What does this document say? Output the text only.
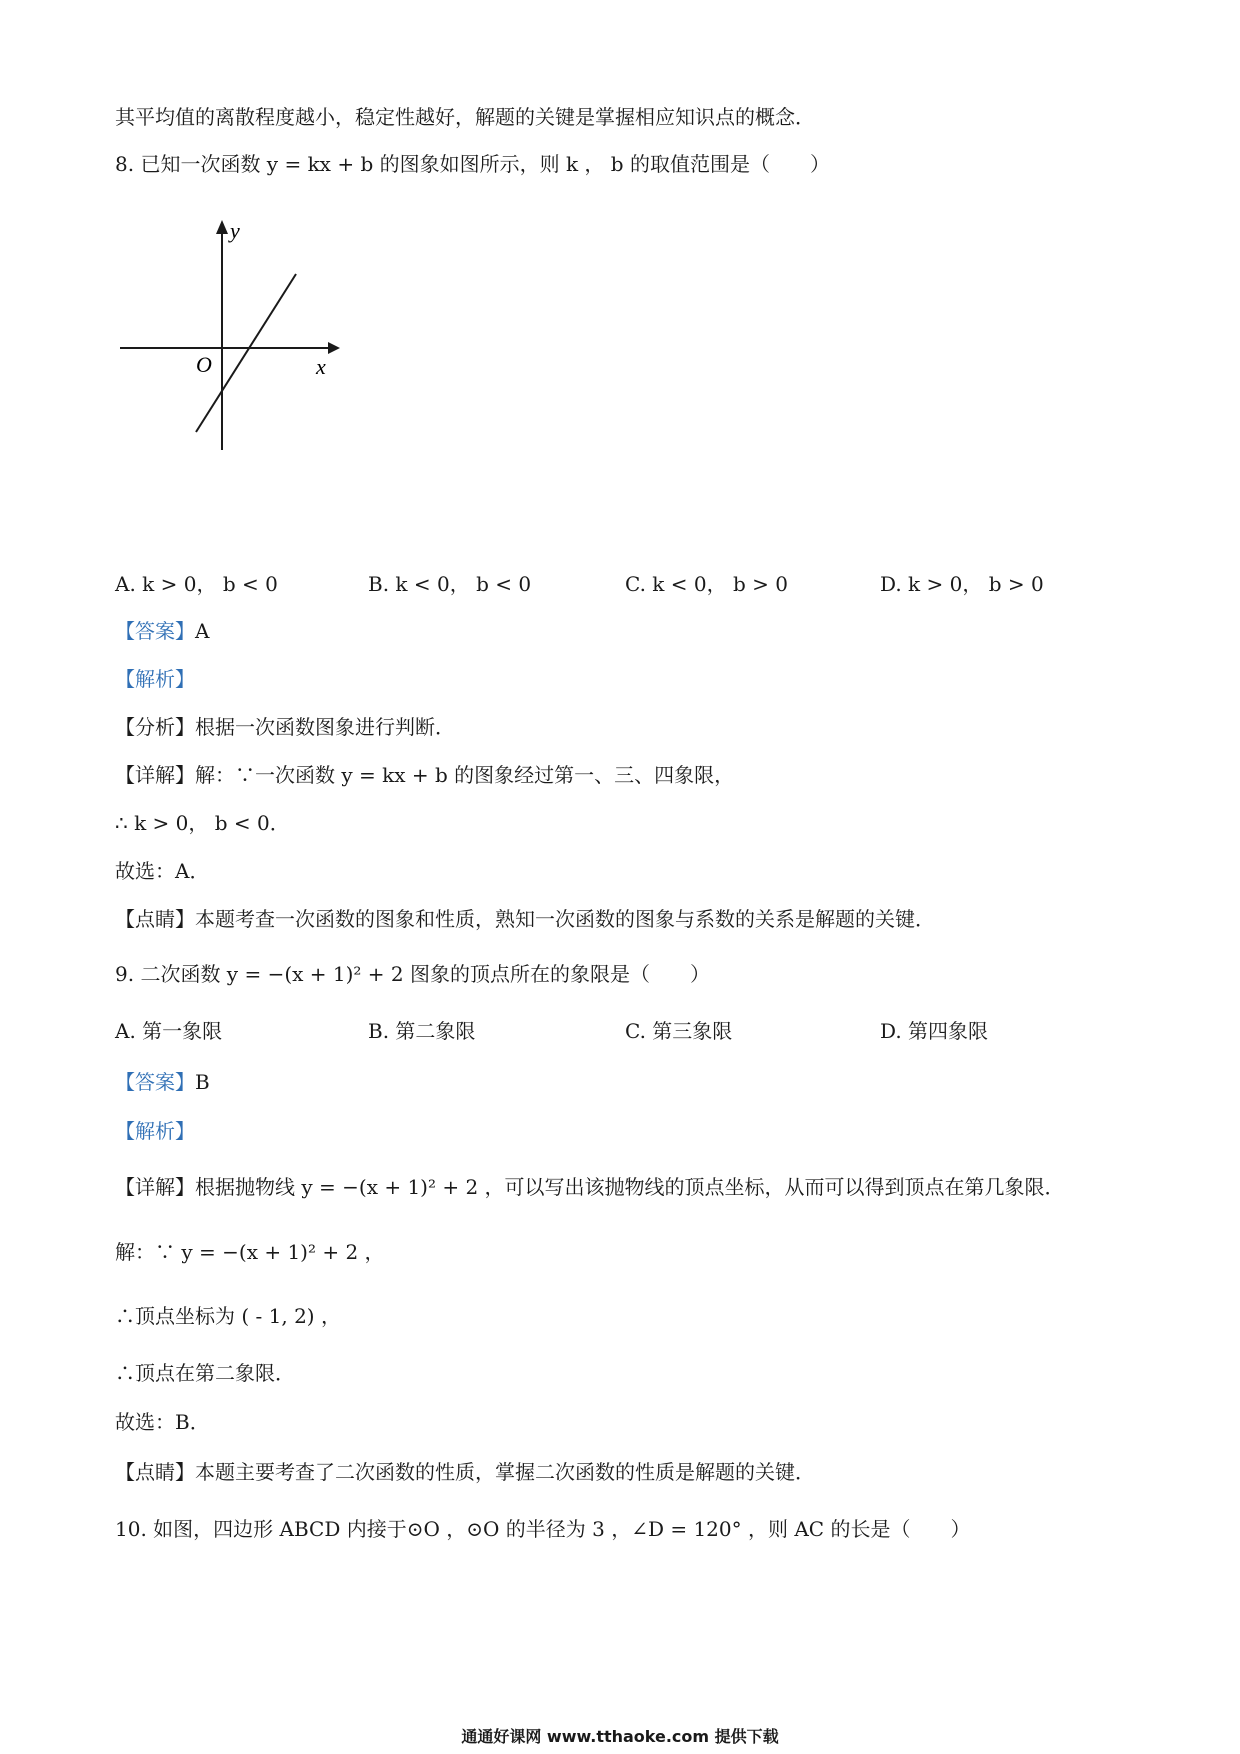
其平均值的离散程度越小，稳定性越好，解题的关键是掌握相应知识点的概念．
8. 已知一次函数 y = kx + b 的图象如图所示，则 k ， b 的取值范围是（　　）
y
x
O
A. k > 0， b < 0	B. k < 0， b < 0	C. k < 0， b > 0	D. k > 0， b > 0
【答案】A
【解析】
【分析】根据一次函数图象进行判断．
【详解】解：∵一次函数 y = kx + b 的图象经过第一、三、四象限，
∴ k > 0， b < 0．
故选：A．
【点睛】本题考查一次函数的图象和性质，熟知一次函数的图象与系数的关系是解题的关键．
9. 二次函数 y = −(x + 1)² + 2 图象的顶点所在的象限是（　　）
A. 第一象限	B. 第二象限	C. 第三象限	D. 第四象限
【答案】B
【解析】
【详解】根据抛物线 y = −(x + 1)² + 2 ，可以写出该抛物线的顶点坐标，从而可以得到顶点在第几象限．
解：∵ y = −(x + 1)² + 2 ，
∴顶点坐标为 ( - 1, 2) ，
∴顶点在第二象限．
故选：B．
【点睛】本题主要考查了二次函数的性质，掌握二次函数的性质是解题的关键．
10. 如图，四边形 ABCD 内接于⊙O ，⊙O 的半径为 3 ，∠D = 120° ，则 AC 的长是（　　）
通通好课网 www.tthaoke.com 提供下载
